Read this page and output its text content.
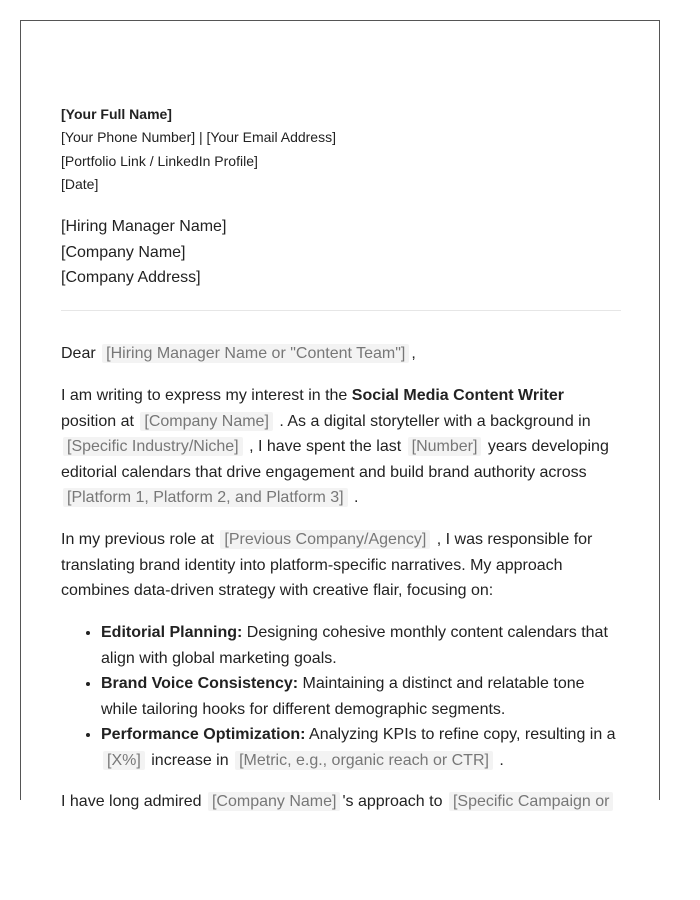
[Your Full Name]
[Your Phone Number] | [Your Email Address]
[Portfolio Link / LinkedIn Profile]
[Date]
[Hiring Manager Name]
[Company Name]
[Company Address]

Dear [Hiring Manager Name or "Content Team"] ,

I am writing to express my interest in the Social Media Content Writer position at [Company Name] . As a digital storyteller with a background in [Specific Industry/Niche] , I have spent the last [Number] years developing editorial calendars that drive engagement and build brand authority across [Platform 1, Platform 2, and Platform 3] .

In my previous role at [Previous Company/Agency] , I was responsible for translating brand identity into platform-specific narratives. My approach combines data-driven strategy with creative flair, focusing on:

• Editorial Planning: Designing cohesive monthly content calendars that align with global marketing goals.
• Brand Voice Consistency: Maintaining a distinct and relatable tone while tailoring hooks for different demographic segments.
• Performance Optimization: Analyzing KPIs to refine copy, resulting in a [X%] increase in [Metric, e.g., organic reach or CTR] .

I have long admired [Company Name] 's approach to [Specific Campaign or
